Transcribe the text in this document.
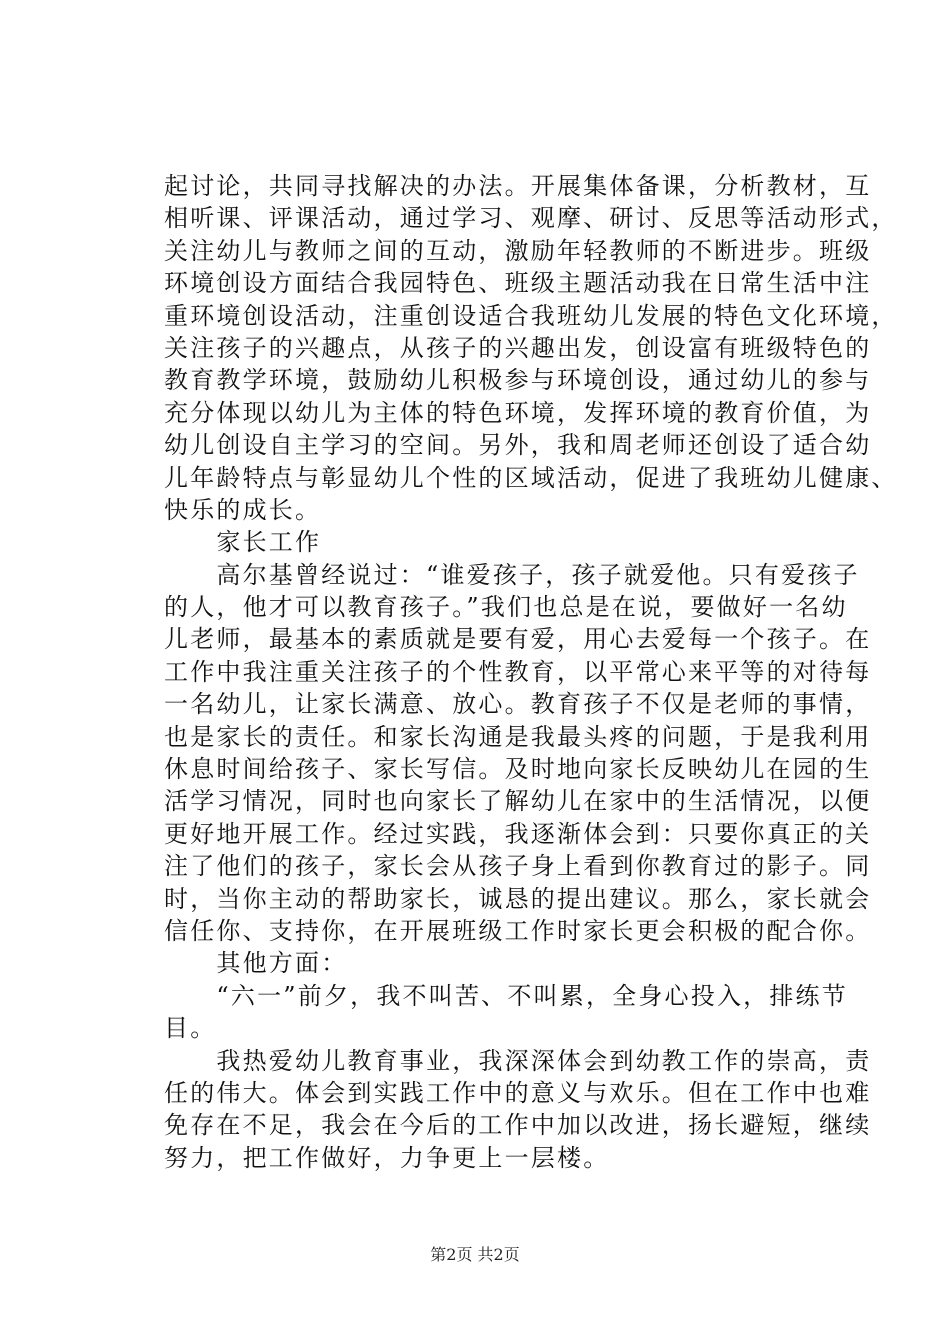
起讨论，共同寻找解决的办法。开展集体备课，分析教材，互
相听课、评课活动，通过学习、观摩、研讨、反思等活动形式，
关注幼儿与教师之间的互动，激励年轻教师的不断进步。班级
环境创设方面结合我园特色、班级主题活动我在日常生活中注
重环境创设活动，注重创设适合我班幼儿发展的特色文化环境，
关注孩子的兴趣点，从孩子的兴趣出发，创设富有班级特色的
教育教学环境，鼓励幼儿积极参与环境创设，通过幼儿的参与
充分体现以幼儿为主体的特色环境，发挥环境的教育价值，为
幼儿创设自主学习的空间。另外，我和周老师还创设了适合幼
儿年龄特点与彰显幼儿个性的区域活动，促进了我班幼儿健康、
快乐的成长。
　　家长工作
　　高尔基曾经说过：“谁爱孩子，孩子就爱他。只有爱孩子
的人，他才可以教育孩子。”我们也总是在说，要做好一名幼
儿老师，最基本的素质就是要有爱，用心去爱每一个孩子。在
工作中我注重关注孩子的个性教育，以平常心来平等的对待每
一名幼儿，让家长满意、放心。教育孩子不仅是老师的事情，
也是家长的责任。和家长沟通是我最头疼的问题，于是我利用
休息时间给孩子、家长写信。及时地向家长反映幼儿在园的生
活学习情况，同时也向家长了解幼儿在家中的生活情况，以便
更好地开展工作。经过实践，我逐渐体会到：只要你真正的关
注了他们的孩子，家长会从孩子身上看到你教育过的影子。同
时，当你主动的帮助家长，诚恳的提出建议。那么，家长就会
信任你、支持你，在开展班级工作时家长更会积极的配合你。
　　其他方面：
　　“六一”前夕，我不叫苦、不叫累，全身心投入，排练节
目。
　　我热爱幼儿教育事业，我深深体会到幼教工作的崇高，责
任的伟大。体会到实践工作中的意义与欢乐。但在工作中也难
免存在不足，我会在今后的工作中加以改进，扬长避短，继续
努力，把工作做好，力争更上一层楼。
第2页 共2页
